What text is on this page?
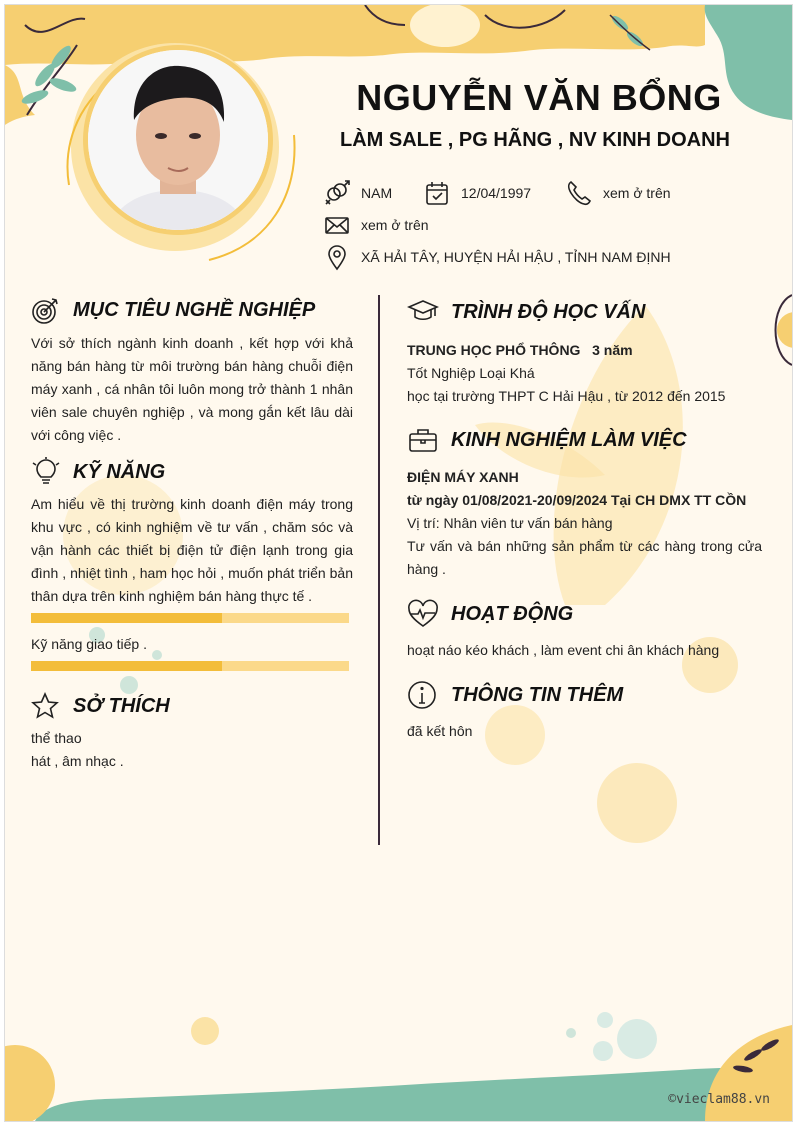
NGUYỄN VĂN BỔNG
LÀM SALE , PG HÃNG , NV KINH DOANH
NAM	12/04/1997	xem ở trên
xem ở trên
XÃ HẢI TÂY, HUYỆN HẢI HẬU , TỈNH NAM ĐỊNH
MỤC TIÊU NGHỀ NGHIỆP
Với sở thích ngành kinh doanh , kết hợp với khả năng bán hàng từ môi trường bán hàng chuỗi điện máy xanh , cá nhân tôi luôn mong trở thành 1 nhân viên sale chuyên nghiệp , và mong gắn kết lâu dài với công việc .
KỸ NĂNG
Am hiểu về thị trường kinh doanh điện máy trong khu vực , có kinh nghiệm về tư vấn , chăm sóc và vận hành các thiết bị điện tử điện lạnh trong gia đình , nhiệt tình , ham học hỏi , muốn phát triển bản thân dựa trên kinh nghiệm bán hàng thực tế .
Kỹ năng giao tiếp .
SỞ THÍCH
thể thao
hát , âm nhạc .
TRÌNH ĐỘ HỌC VẤN
TRUNG HỌC PHỔ THÔNG 3 năm
Tốt Nghiệp Loại Khá
học tại trường THPT C Hải Hậu , từ 2012 đến 2015
KINH NGHIỆM LÀM VIỆC
ĐIỆN MÁY XANH
từ ngày 01/08/2021-20/09/2024 Tại CH DMX TT CỒN
Vị trí: Nhân viên tư vấn bán hàng
Tư vấn và bán những sản phẩm từ các hàng trong cửa hàng .
HOẠT ĐỘNG
hoạt náo kéo khách , làm event chi ân khách hàng
THÔNG TIN THÊM
đã kết hôn
©vieclam88.vn
